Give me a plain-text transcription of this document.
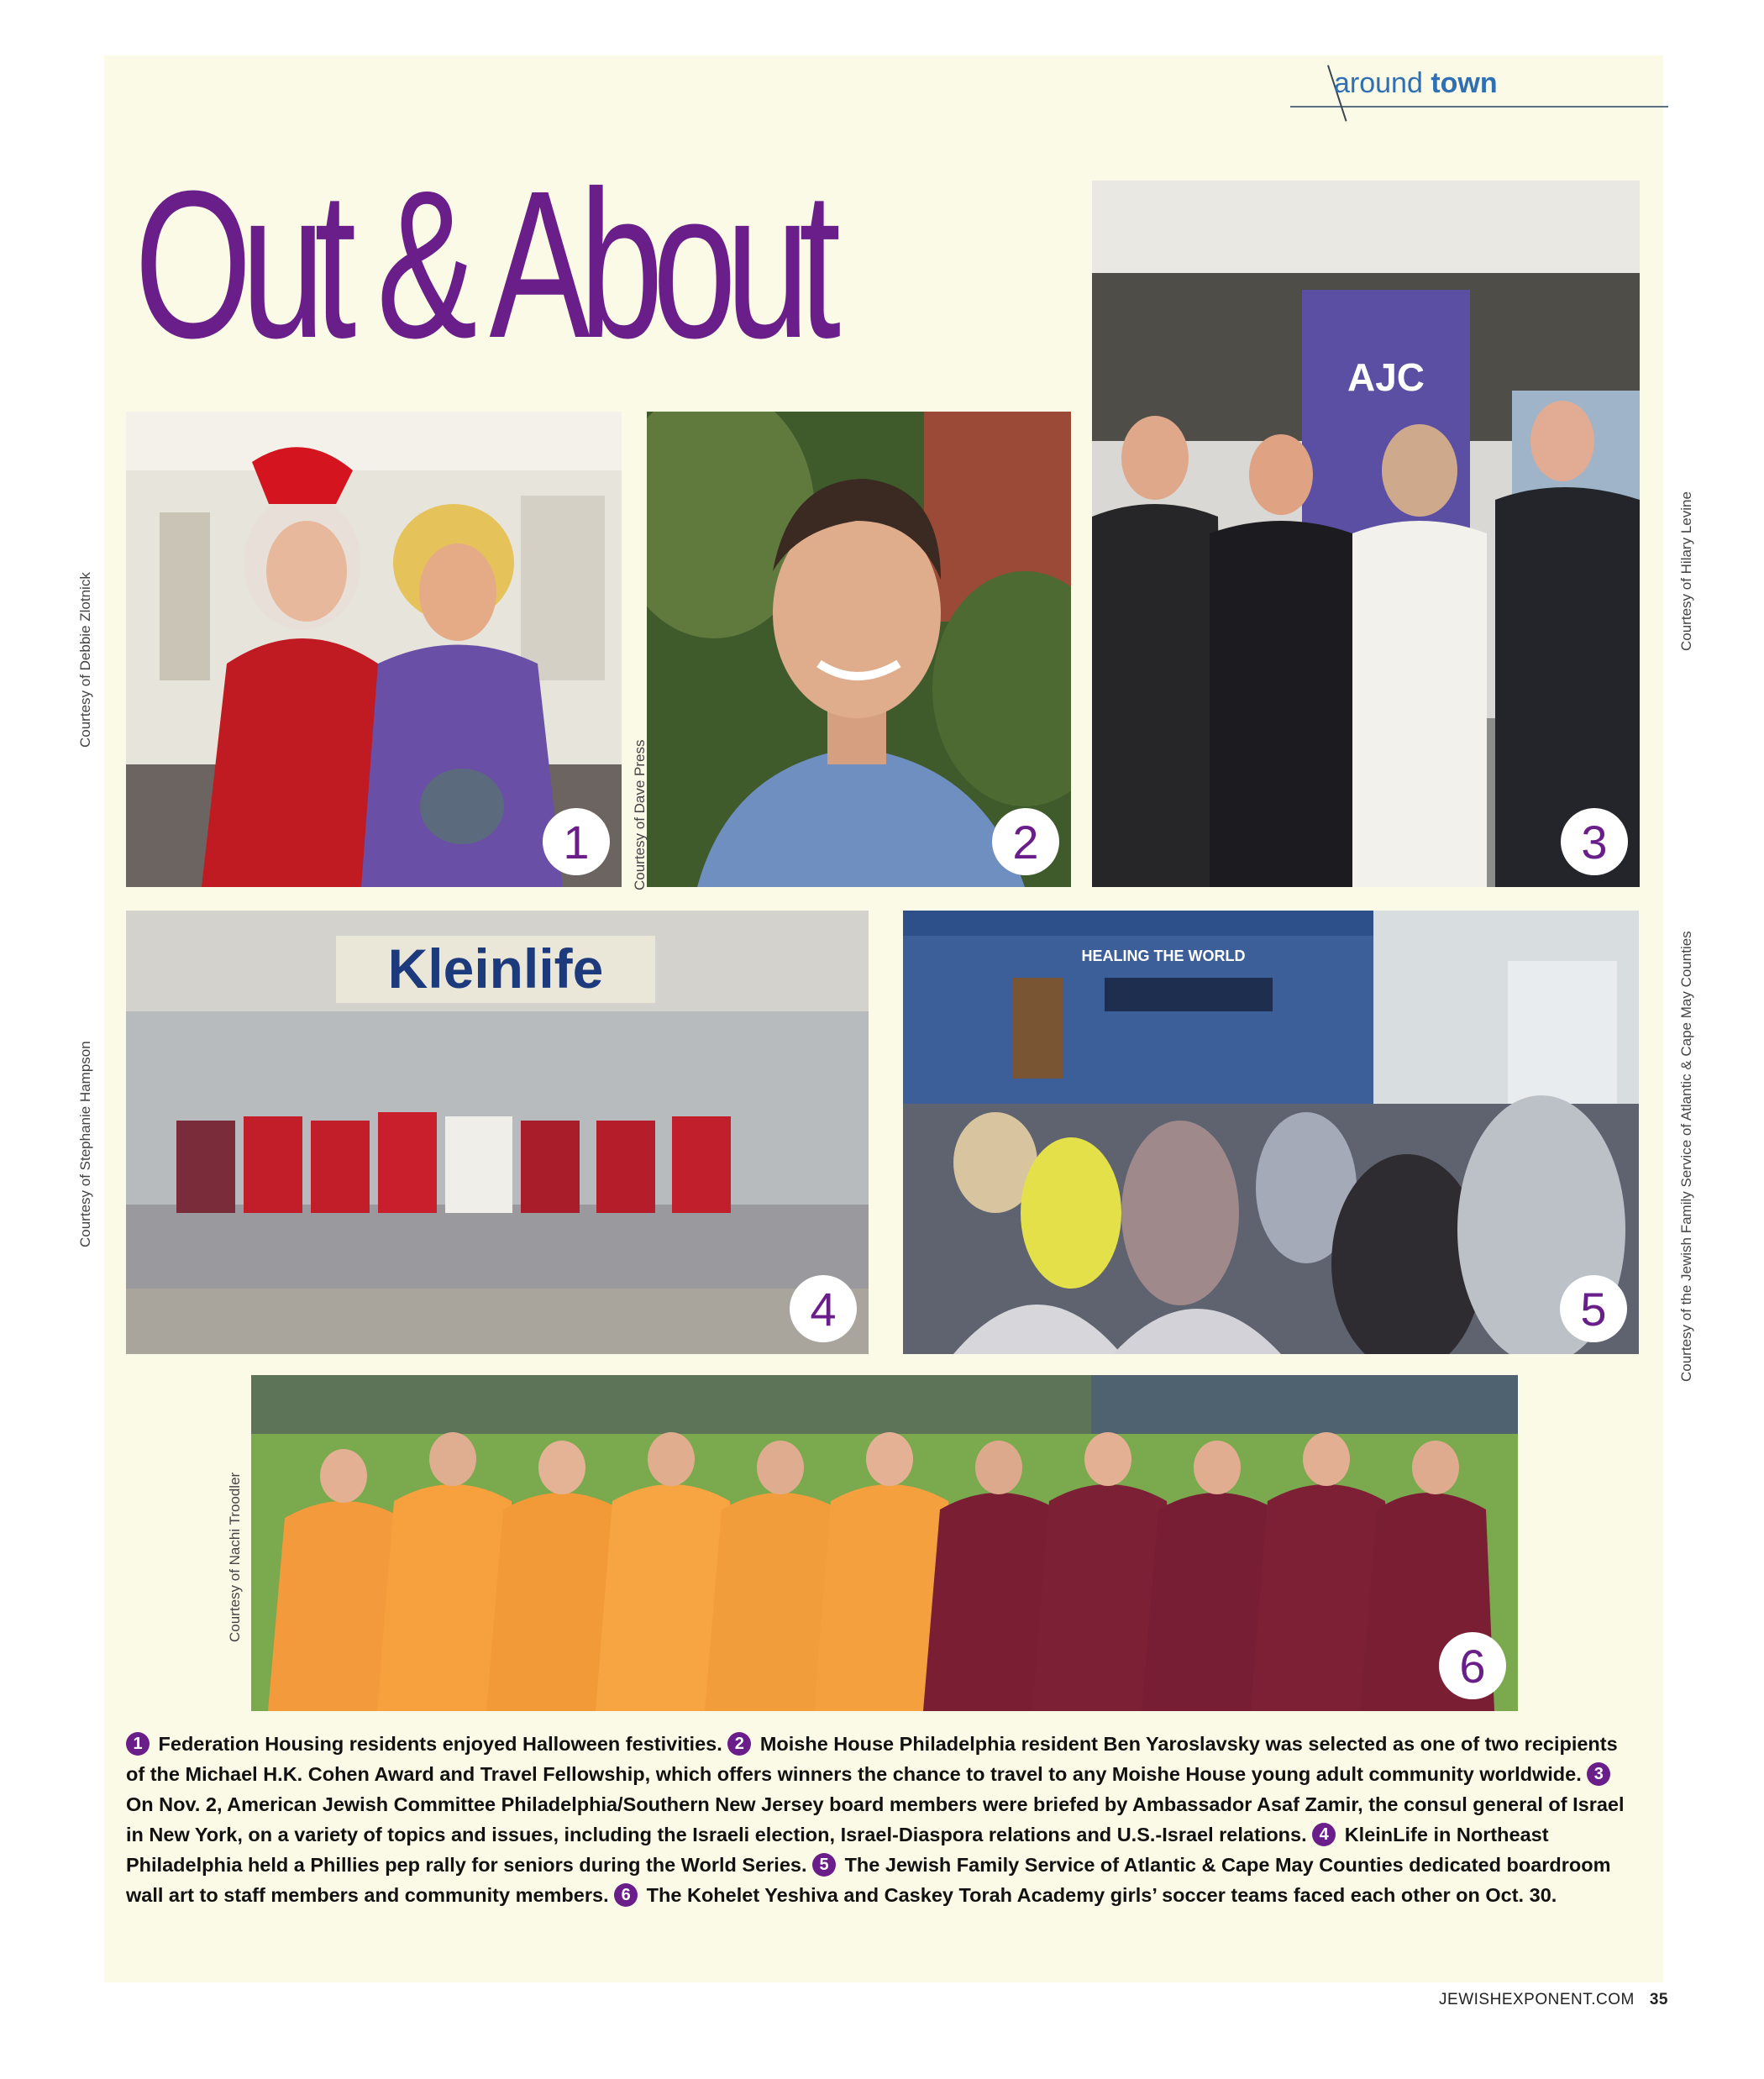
around town
Out & About
1	2
AJC
3
Kleinlife
4
HEALING THE WORLD
5
6
Courtesy of Debbie Zlotnick
Courtesy of Dave Press
Courtesy of Hilary Levine
Courtesy of Stephanie Hampson	Courtesy of the Jewish Family Service of Atlantic & Cape May Counties
Courtesy of Nachi Troodler
1 Federation Housing residents enjoyed Halloween festivities. 2 Moishe House Philadelphia resident Ben Yaroslavsky was selected as one of two recipients of the Michael H.K. Cohen Award and Travel Fellowship, which offers winners the chance to travel to any Moishe House young adult community worldwide. 3 On Nov. 2, American Jewish Committee Philadelphia/Southern New Jersey board members were briefed by Ambassador Asaf Zamir, the consul general of Israel in New York, on a variety of topics and issues, including the Israeli election, Israel-Diaspora relations and U.S.-Israel relations. 4 KleinLife in Northeast Philadelphia held a Phillies pep rally for seniors during the World Series. 5 The Jewish Family Service of Atlantic & Cape May Counties dedicated boardroom wall art to staff members and community members. 6 The Kohelet Yeshiva and Caskey Torah Academy girls’ soccer teams faced each other on Oct. 30.
JEWISHEXPONENT.COM 35
